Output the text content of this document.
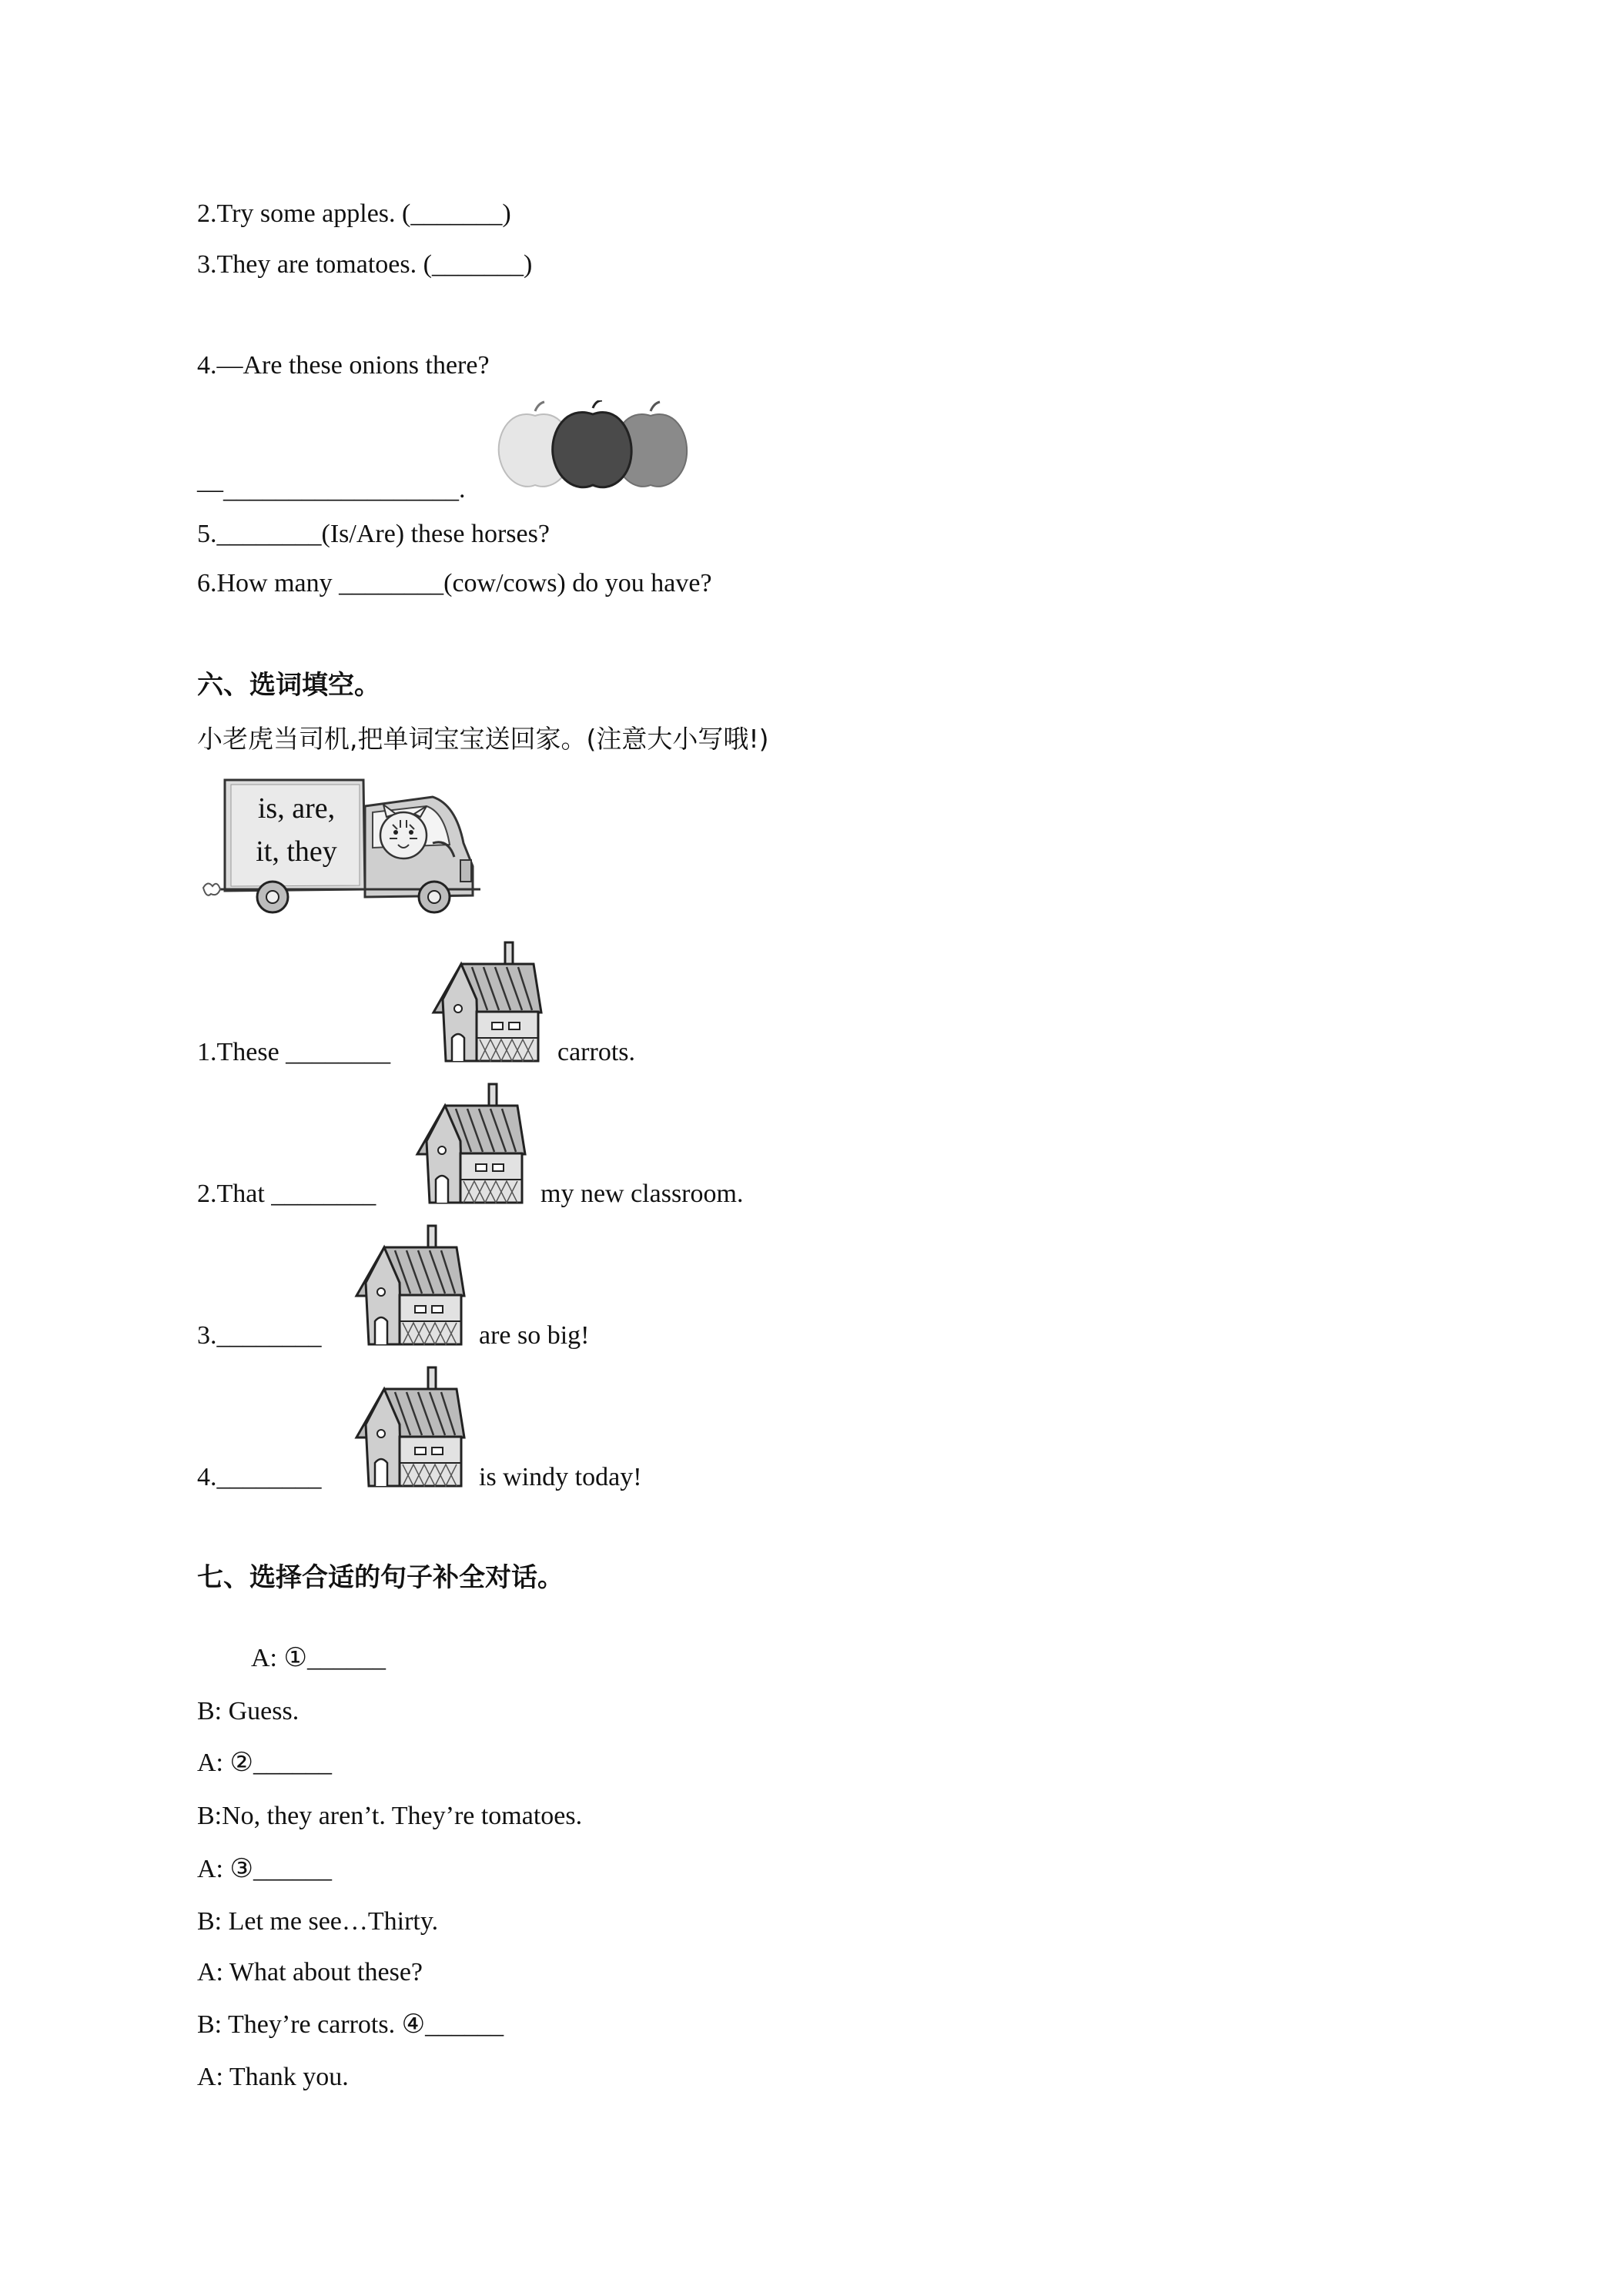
2.Try some apples. (_______)
3.They are tomatoes. (_______)
4.—Are these onions there?
—__________________.
5.________(Is/Are) these horses?
6.How many ________(cow/cows) do you have?
六、选词填空。
小老虎当司机,把单词宝宝送回家。(注意大小写哦!)
is, are,
it, they
1.These ________	carrots.
2.That ________	my new classroom.
3.________	are so big!
4.________	is windy today!
七、选择合适的句子补全对话。
A: ①______
B: Guess.
A: ②______
B:No, they aren’t. They’re tomatoes.
A: ③______
B: Let me see…Thirty.
A: What about these?
B: They’re carrots. ④______
A: Thank you.
